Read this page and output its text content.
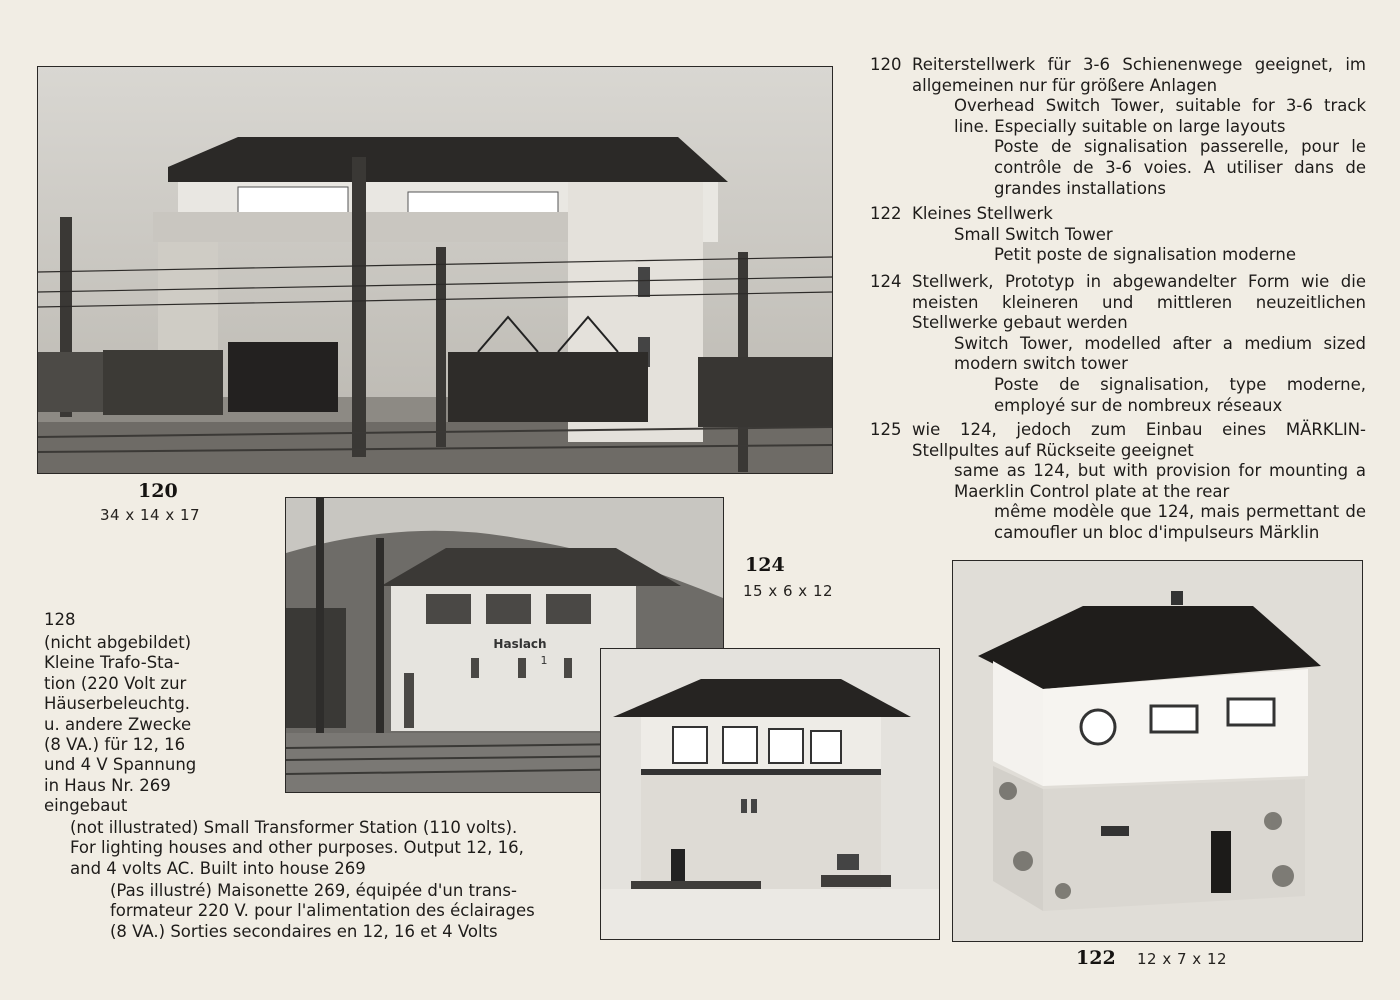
120
34 x 14 x 17
Haslach
1
124
15 x 6 x 12
122 12 x 7 x 12
120 Reiterstellwerk für 3-6 Schienenwege geeignet, im allgemeinen nur für größere Anlagen
Overhead Switch Tower, suitable for 3-6 track line. Especially suitable on large layouts
Poste de signalisation passerelle, pour le contrôle de 3-6 voies. A utiliser dans de grandes installations
122 Kleines Stellwerk
Small Switch Tower
Petit poste de signalisation moderne
124 Stellwerk, Prototyp in abgewandelter Form wie die meisten kleineren und mittleren neuzeitlichen Stellwerke gebaut werden
Switch Tower, modelled after a medium sized modern switch tower
Poste de signalisation, type moderne, employé sur de nombreux réseaux
125 wie 124, jedoch zum Einbau eines MÄRKLIN-Stellpultes auf Rückseite geeignet
same as 124, but with provision for mounting a Maerklin Control plate at the rear
même modèle que 124, mais permettant de camoufler un bloc d'impulseurs Märklin
128
(nicht abgebildet)
Kleine Trafo-Sta-
tion (220 Volt zur
Häuserbeleuchtg.
u. andere Zwecke
(8 VA.) für 12, 16
und 4 V Spannung
in Haus Nr. 269
eingebaut
(not illustrated) Small Transformer Station (110 volts).
For lighting houses and other purposes. Output 12, 16,
and 4 volts AC. Built into house 269
(Pas illustré) Maisonette 269, équipée d'un trans-
formateur 220 V. pour l'alimentation des éclairages
(8 VA.) Sorties secondaires en 12, 16 et 4 Volts
